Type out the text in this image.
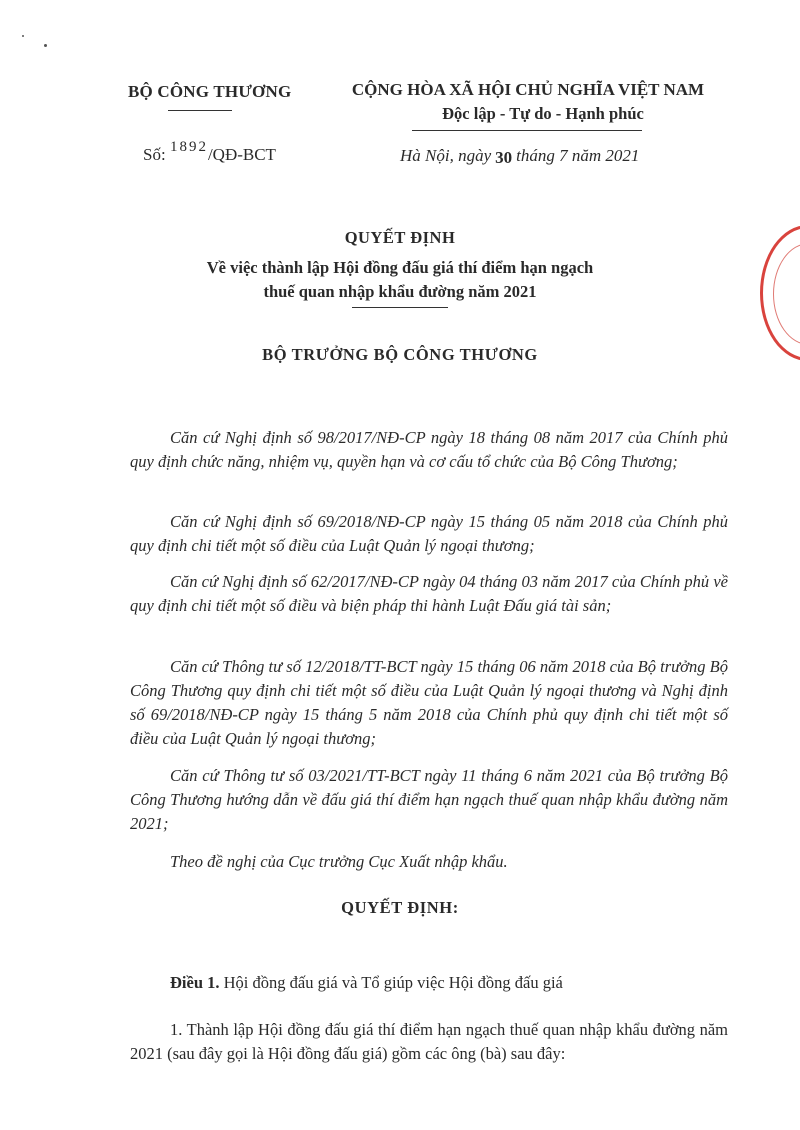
BỘ CÔNG THƯƠNG	CỘNG HÒA XÃ HỘI CHỦ NGHĨA VIỆT NAM
Độc lập - Tự do - Hạnh phúc
Số: 1892/QĐ-BCT	Hà Nội, ngày 30 tháng 7 năm 2021
QUYẾT ĐỊNH
Về việc thành lập Hội đồng đấu giá thí điểm hạn ngạch
thuế quan nhập khẩu đường năm 2021
BỘ TRƯỞNG BỘ CÔNG THƯƠNG

Căn cứ Nghị định số 98/2017/NĐ-CP ngày 18 tháng 08 năm 2017 của Chính phủ quy định chức năng, nhiệm vụ, quyền hạn và cơ cấu tổ chức của Bộ Công Thương;

Căn cứ Nghị định số 69/2018/NĐ-CP ngày 15 tháng 05 năm 2018 của Chính phủ quy định chi tiết một số điều của Luật Quản lý ngoại thương;

Căn cứ Nghị định số 62/2017/NĐ-CP ngày 04 tháng 03 năm 2017 của Chính phủ về quy định chi tiết một số điều và biện pháp thi hành Luật Đấu giá tài sản;

Căn cứ Thông tư số 12/2018/TT-BCT ngày 15 tháng 06 năm 2018 của Bộ trưởng Bộ Công Thương quy định chi tiết một số điều của Luật Quản lý ngoại thương và Nghị định số 69/2018/NĐ-CP ngày 15 tháng 5 năm 2018 của Chính phủ quy định chi tiết một số điều của Luật Quản lý ngoại thương;

Căn cứ Thông tư số 03/2021/TT-BCT ngày 11 tháng 6 năm 2021 của Bộ trưởng Bộ Công Thương hướng dẫn về đấu giá thí điểm hạn ngạch thuế quan nhập khẩu đường năm 2021;

Theo đề nghị của Cục trưởng Cục Xuất nhập khẩu.

QUYẾT ĐỊNH:
Điều 1. Hội đồng đấu giá và Tổ giúp việc Hội đồng đấu giá

1. Thành lập Hội đồng đấu giá thí điểm hạn ngạch thuế quan nhập khẩu đường năm 2021 (sau đây gọi là Hội đồng đấu giá) gồm các ông (bà) sau đây:
